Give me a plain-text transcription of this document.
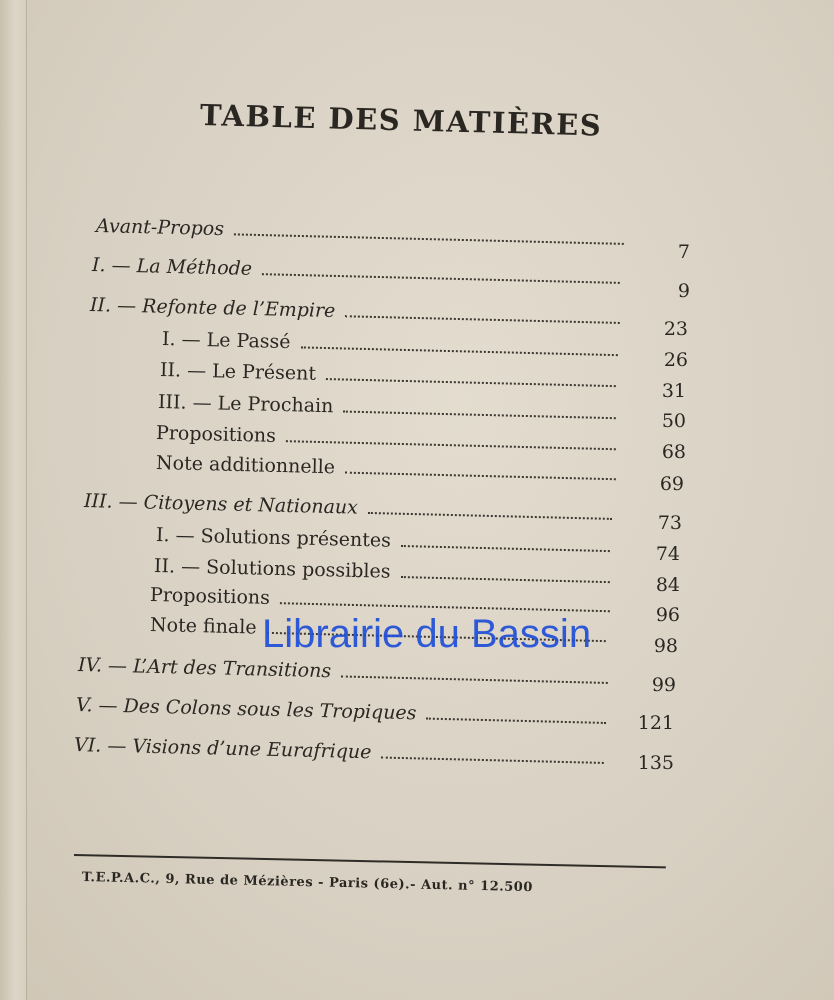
TABLE DES MATIÈRES
Avant-Propos
7
I. — La Méthode
9
II. — Refonte de l’Empire
23
I. — Le Passé
26
II. — Le Présent
31
III. — Le Prochain
50
Propositions
68
Note additionnelle
69
III. — Citoyens et Nationaux
73
I. — Solutions présentes
74
II. — Solutions possibles
84
Propositions
96
Note finale
98
IV. — L’Art des Transitions
99
V. — Des Colons sous les Tropiques	121
VI. — Visions d’une Eurafrique	135
T.E.P.A.C., 9, Rue de Mézières - Paris (6e).- Aut. n° 12.500
Librairie du Bassin
